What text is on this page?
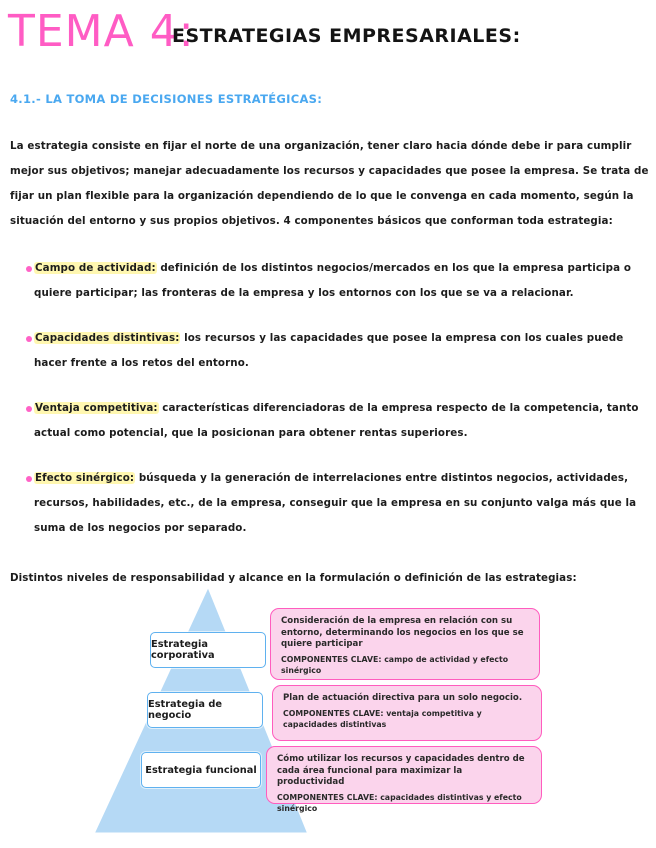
TEMA 4:
ESTRATEGIAS EMPRESARIALES:
4.1.- LA TOMA DE DECISIONES ESTRATÉGICAS:
La estrategia consiste en fijar el norte de una organización, tener claro hacia dónde debe ir para cumplir mejor sus objetivos; manejar adecuadamente los recursos y capacidades que posee la empresa. Se trata de fijar un plan flexible para la organización dependiendo de lo que le convenga en cada momento, según la situación del entorno y sus propios objetivos. 4 componentes básicos que conforman toda estrategia:
Campo de actividad: definición de los distintos negocios/mercados en los que la empresa participa o quiere participar; las fronteras de la empresa y los entornos con los que se va a relacionar.
Capacidades distintivas: los recursos y las capacidades que posee la empresa con los cuales puede hacer frente a los retos del entorno.
Ventaja competitiva: características diferenciadoras de la empresa respecto de la competencia, tanto actual como potencial, que la posicionan para obtener rentas superiores.
Efecto sinérgico: búsqueda y la generación de interrelaciones entre distintos negocios, actividades, recursos, habilidades, etc., de la empresa, conseguir que la empresa en su conjunto valga más que la suma de los negocios por separado.
Distintos niveles de responsabilidad y alcance en la formulación o definición de las estrategias:
Estrategia corporativa
Estrategia de negocio
Estrategia funcional
Consideración de la empresa en relación con su entorno, determinando los negocios en los que se quiere participar
COMPONENTES CLAVE: campo de actividad y efecto sinérgico
Plan de actuación directiva para un solo negocio.
COMPONENTES CLAVE: ventaja competitiva y capacidades distintivas
Cómo utilizar los recursos y capacidades dentro de cada área funcional para maximizar la productividad
COMPONENTES CLAVE: capacidades distintivas y efecto sinérgico
